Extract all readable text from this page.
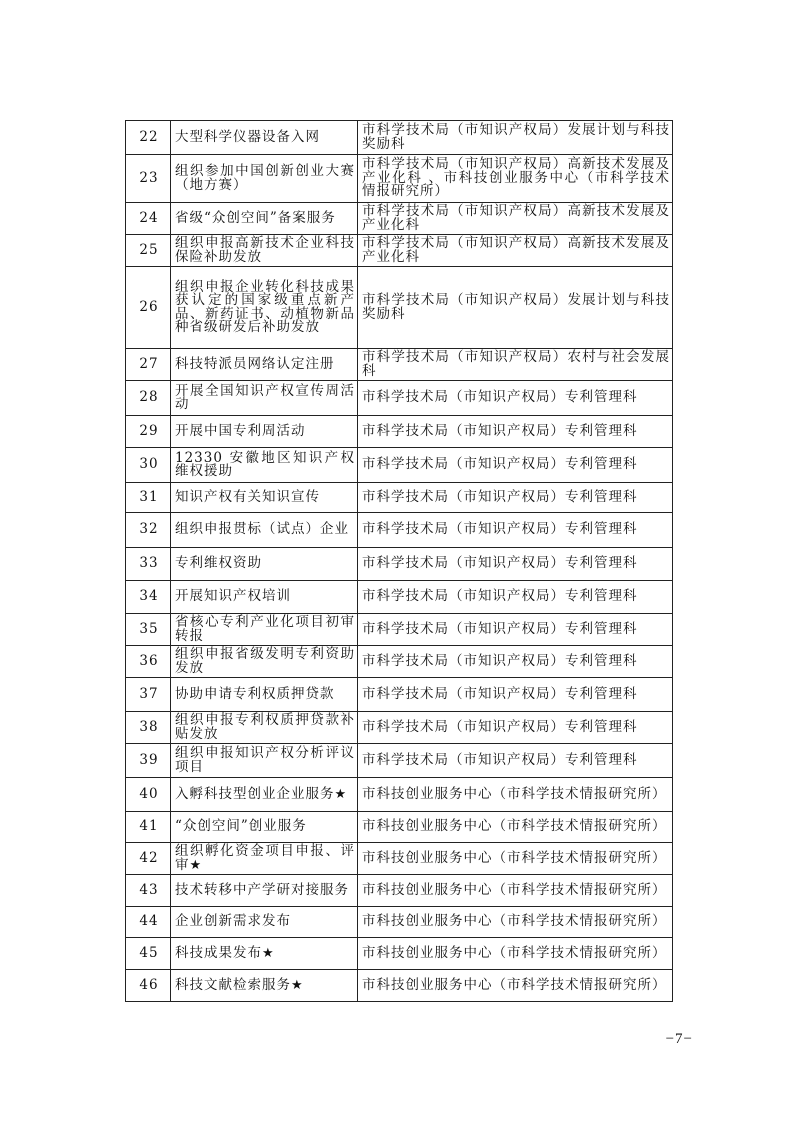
22	大型科学仪器设备入网	市科学技术局（市知识产权局）发展计划与科技奖励科
23	组织参加中国创新创业大赛（地方赛）	市科学技术局（市知识产权局）高新技术发展及产业化科 、市科技创业服务中心（市科学技术情报研究所）
24	省级“众创空间”备案服务	市科学技术局（市知识产权局）高新技术发展及产业化科
25	组织申报高新技术企业科技保险补助发放	市科学技术局（市知识产权局）高新技术发展及产业化科
26	组织申报企业转化科技成果获认定的国家级重点新产品、新药证书、动植物新品种省级研发后补助发放	市科学技术局（市知识产权局）发展计划与科技奖励科
27	科技特派员网络认定注册	市科学技术局（市知识产权局）农村与社会发展科
28	开展全国知识产权宣传周活动	市科学技术局（市知识产权局）专利管理科
29	开展中国专利周活动	市科学技术局（市知识产权局）专利管理科
30	12330 安徽地区知识产权维权援助	市科学技术局（市知识产权局）专利管理科
31	知识产权有关知识宣传	市科学技术局（市知识产权局）专利管理科
32	组织申报贯标（试点）企业	市科学技术局（市知识产权局）专利管理科
33	专利维权资助	市科学技术局（市知识产权局）专利管理科
34	开展知识产权培训	市科学技术局（市知识产权局）专利管理科
35	省核心专利产业化项目初审转报	市科学技术局（市知识产权局）专利管理科
36	组织申报省级发明专利资助发放	市科学技术局（市知识产权局）专利管理科
37	协助申请专利权质押贷款	市科学技术局（市知识产权局）专利管理科
38	组织申报专利权质押贷款补贴发放	市科学技术局（市知识产权局）专利管理科
39	组织申报知识产权分析评议项目	市科学技术局（市知识产权局）专利管理科
40	入孵科技型创业企业服务★	市科技创业服务中心（市科学技术情报研究所）
41	“众创空间”创业服务	市科技创业服务中心（市科学技术情报研究所）
42	组织孵化资金项目申报、评审★	市科技创业服务中心（市科学技术情报研究所）
43	技术转移中产学研对接服务	市科技创业服务中心（市科学技术情报研究所）
44	企业创新需求发布	市科技创业服务中心（市科学技术情报研究所）
45	科技成果发布★	市科技创业服务中心（市科学技术情报研究所）
46	科技文献检索服务★	市科技创业服务中心（市科学技术情报研究所）
−7−
